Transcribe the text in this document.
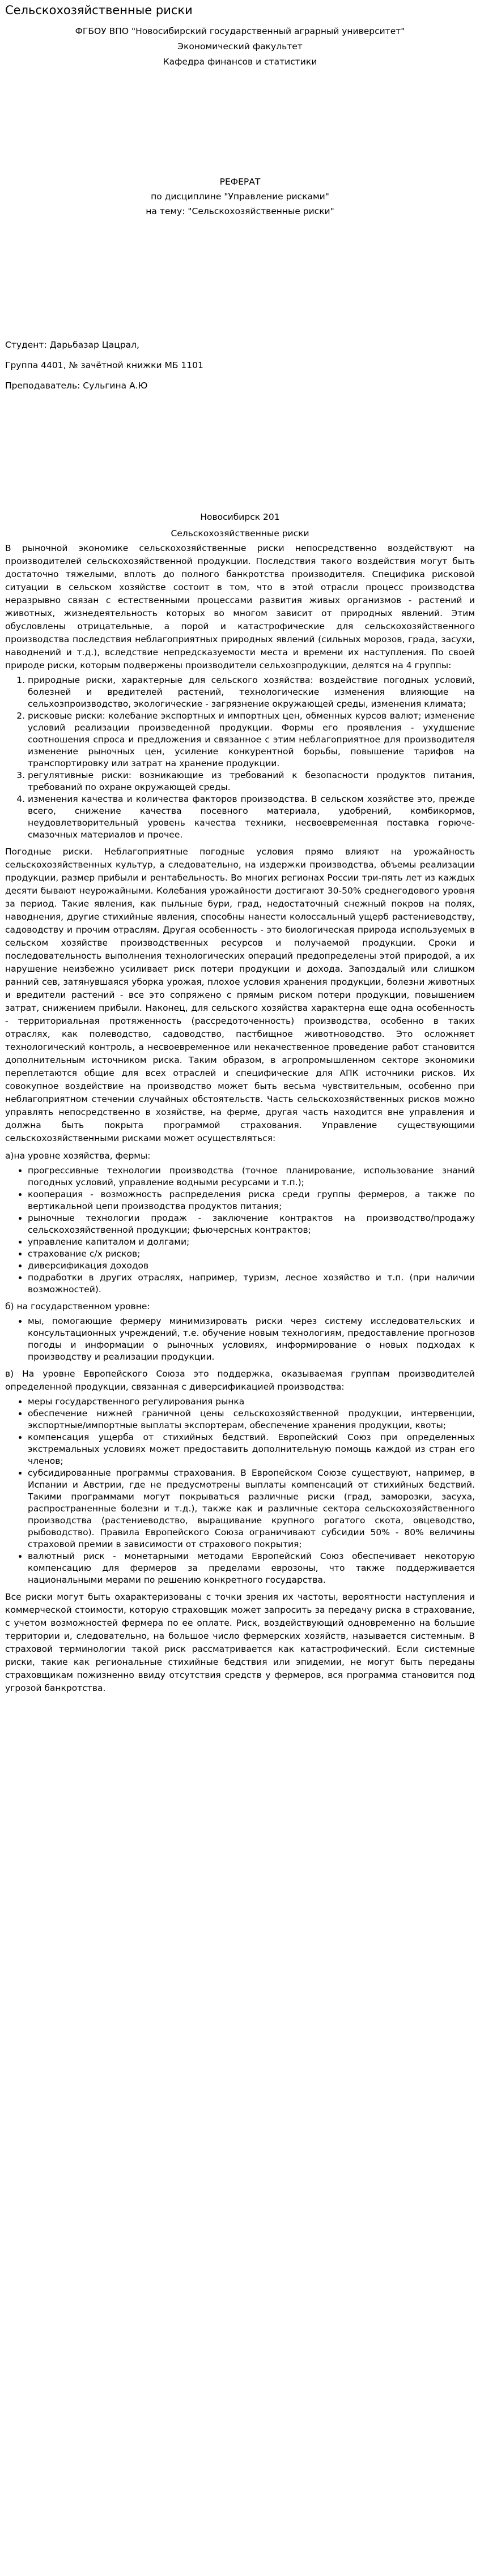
Сельскохозяйственные риски
ФГБОУ ВПО "Новосибирский государственный аграрный университет"
Экономический факультет
Кафедра финансов и статистики
РЕФЕРАТ
по дисциплине "Управление рисками"
на тему: "Сельскохозяйственные риски"

Студент: Дарьбазар Цацрал,

Группа 4401, № зачётной книжки МБ 1101

Преподаватель: Сульгина А.Ю

Новосибирск 201
Сельскохозяйственные риски

В рыночной экономике сельскохозяйственные риски непосредственно воздействуют на производителей сельскохозяйственной продукции. Последствия такого воздействия могут быть достаточно тяжелыми, вплоть до полного банкротства производителя. Специфика рисковой ситуации в сельском хозяйстве состоит в том, что в этой отрасли процесс производства неразрывно связан с естественными процессами развития живых организмов - растений и животных, жизнедеятельность которых во многом зависит от природных явлений. Этим обусловлены отрицательные, а порой и катастрофические для сельскохозяйственного производства последствия неблагоприятных природных явлений (сильных морозов, града, засухи, наводнений и т.д.), вследствие непредсказуемости места и времени их наступления. По своей природе риски, которым подвержены производители сельхозпродукции, делятся на 4 группы:

1. природные риски, характерные для сельского хозяйства: воздействие погодных условий, болезней и вредителей растений, технологические изменения влияющие на сельхозпроизводство, экологические - загрязнение окружающей среды, изменения климата;
2. рисковые риски: колебание экспортных и импортных цен, обменных курсов валют; изменение условий реализации произведенной продукции. Формы его проявления - ухудшение соотношения спроса и предложения и связанное с этим неблагоприятное для производителя изменение рыночных цен, усиление конкурентной борьбы, повышение тарифов на транспортировку или затрат на хранение продукции.
3. регулятивные риски: возникающие из требований к безопасности продуктов питания, требований по охране окружающей среды.
4. изменения качества и количества факторов производства. В сельском хозяйстве это, прежде всего, снижение качества посевного материала, удобрений, комбикормов, неудовлетворительный уровень качества техники, несвоевременная поставка горюче-смазочных материалов и прочее.

Погодные риски. Неблагоприятные погодные условия прямо влияют на урожайность сельскохозяйственных культур, а следовательно, на издержки производства, объемы реализации продукции, размер прибыли и рентабельность. Во многих регионах России три-пять лет из каждых десяти бывают неурожайными. Колебания урожайности достигают 30-50% среднегодового уровня за период. Такие явления, как пыльные бури, град, недостаточный снежный покров на полях, наводнения, другие стихийные явления, способны нанести колоссальный ущерб растениеводству, садоводству и прочим отраслям. Другая особенность - это биологическая природа используемых в сельском хозяйстве производственных ресурсов и получаемой продукции. Сроки и последовательность выполнения технологических операций предопределены этой природой, а их нарушение неизбежно усиливает риск потери продукции и дохода. Запоздалый или слишком ранний сев, затянувшаяся уборка урожая, плохое условия хранения продукции, болезни животных и вредители растений - все это сопряжено с прямым риском потери продукции, повышением затрат, снижением прибыли. Наконец, для сельского хозяйства характерна еще одна особенность - территориальная протяженность (рассредоточенность) производства, особенно в таких отраслях, как полеводство, садоводство, пастбищное животноводство. Это осложняет технологический контроль, а несвоевременное или некачественное проведение работ становится дополнительным источником риска. Таким образом, в агропромышленном секторе экономики переплетаются общие для всех отраслей и специфические для АПК источники рисков. Их совокупное воздействие на производство может быть весьма чувствительным, особенно при неблагоприятном стечении случайных обстоятельств. Часть сельскохозяйственных рисков можно управлять непосредственно в хозяйстве, на ферме, другая часть находится вне управления и должна быть покрыта программой страхования. Управление существующими сельскохозяйственными рисками может осуществляться:

а)на уровне хозяйства, фермы:
• прогрессивные технологии производства (точное планирование, использование знаний погодных условий, управление водными ресурсами и т.п.);
• кооперация - возможность распределения риска среди группы фермеров, а также по вертикальной цепи производства продуктов питания;
• рыночные технологии продаж - заключение контрактов на производство/продажу сельскохозяйственной продукции; фьючерсных контрактов;
• управление капиталом и долгами;
• страхование с/х рисков;
• диверсификация доходов
• подработки в других отраслях, например, туризм, лесное хозяйство и т.п. (при наличии возможностей).
б) на государственном уровне:
• мы, помогающие фермеру минимизировать риски через систему исследовательских и консультационных учреждений, т.е. обучение новым технологиям, предоставление прогнозов погоды и информации о рыночных условиях, информирование о новых подходах к производству и реализации продукции.
в) На уровне Европейского Союза это поддержка, оказываемая группам производителей определенной продукции, связанная с диверсификацией производства:
• меры государственного регулирования рынка
• обеспечение нижней граничной цены сельскохозяйственной продукции, интервенции, экспортные/импортные выплаты экспортерам, обеспечение хранения продукции, квоты;
• компенсация ущерба от стихийных бедствий. Европейский Союз при определенных экстремальных условиях может предоставить дополнительную помощь каждой из стран его членов;
• субсидированные программы страхования. В Европейском Союзе существуют, например, в Испании и Австрии, где не предусмотрены выплаты компенсаций от стихийных бедствий. Такими программами могут покрываться различные риски (град, заморозки, засуха, распространенные болезни и т.д.), также как и различные сектора сельскохозяйственного производства (растениеводство, выращивание крупного рогатого скота, овцеводство, рыбоводство). Правила Европейского Союза ограничивают субсидии 50% - 80% величины страховой премии в зависимости от страхового покрытия;
• валютный риск - монетарными методами Европейский Союз обеспечивает некоторую компенсацию для фермеров за пределами еврозоны, что также поддерживается национальными мерами по решению конкретного государства.

Все риски могут быть охарактеризованы с точки зрения их частоты, вероятности наступления и коммерческой стоимости, которую страховщик может запросить за передачу риска в страхование, с учетом возможностей фермера по ее оплате. Риск, воздействующий одновременно на большие территории и, следовательно, на большое число фермерских хозяйств, называется системным. В страховой терминологии такой риск рассматривается как катастрофический. Если системные риски, такие как региональные стихийные бедствия или эпидемии, не могут быть переданы страховщикам пожизненно ввиду отсутствия средств у фермеров, вся программа становится под угрозой банкротства.
